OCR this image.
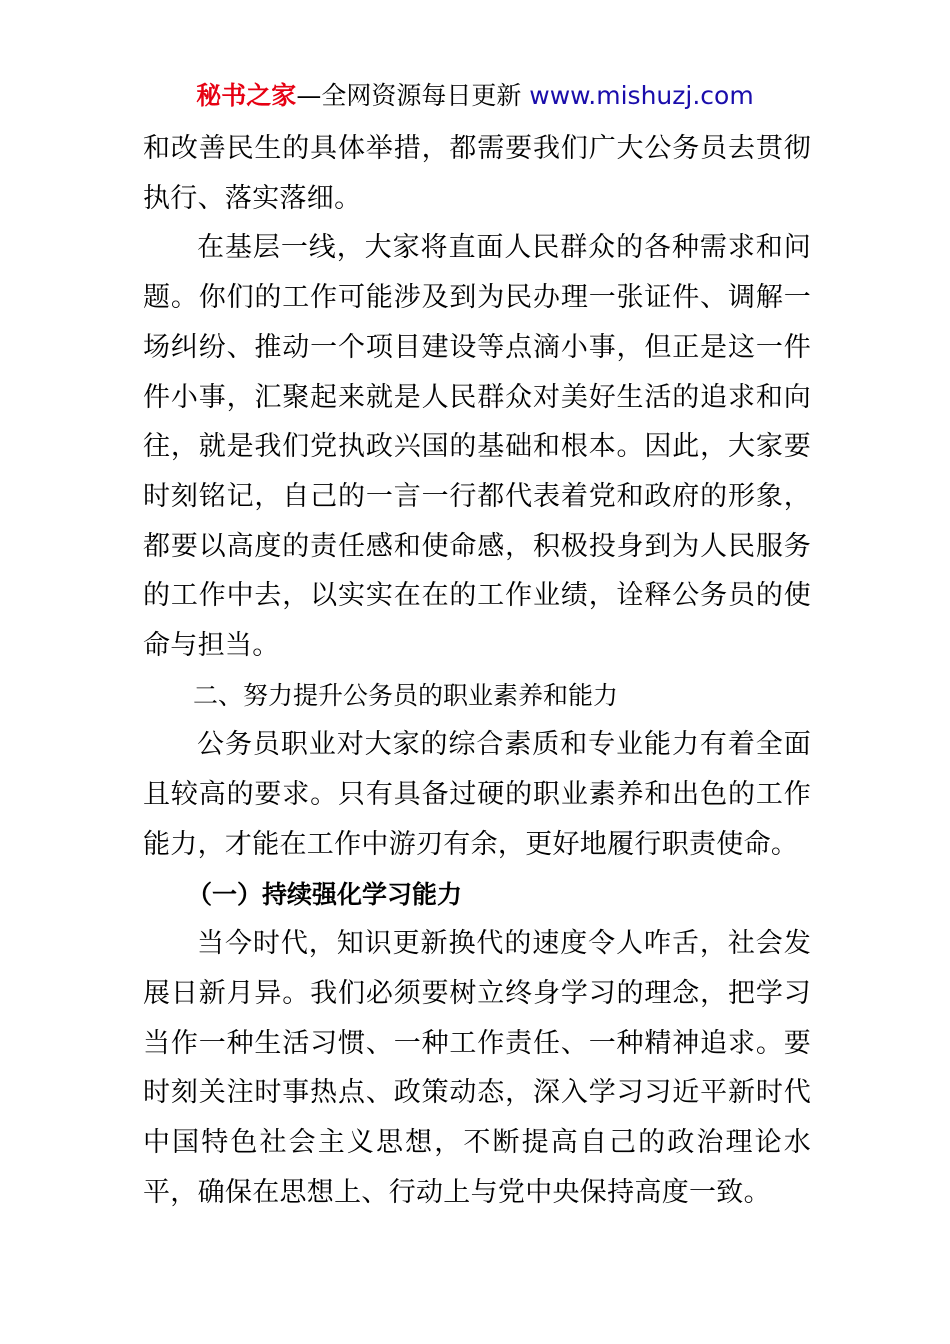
秘书之家—全网资源每日更新 www.mishuzj.com

和改善民生的具体举措，都需要我们广大公务员去贯彻执行、落实落细。

在基层一线，大家将直面人民群众的各种需求和问题。你们的工作可能涉及到为民办理一张证件、调解一场纠纷、推动一个项目建设等点滴小事，但正是这一件件小事，汇聚起来就是人民群众对美好生活的追求和向往，就是我们党执政兴国的基础和根本。因此，大家要时刻铭记，自己的一言一行都代表着党和政府的形象，都要以高度的责任感和使命感，积极投身到为人民服务的工作中去，以实实在在的工作业绩，诠释公务员的使命与担当。

二、努力提升公务员的职业素养和能力

公务员职业对大家的综合素质和专业能力有着全面且较高的要求。只有具备过硬的职业素养和出色的工作能力，才能在工作中游刃有余，更好地履行职责使命。

（一）持续强化学习能力

当今时代，知识更新换代的速度令人咋舌，社会发展日新月异。我们必须要树立终身学习的理念，把学习当作一种生活习惯、一种工作责任、一种精神追求。要时刻关注时事热点、政策动态，深入学习习近平新时代中国特色社会主义思想，不断提高自己的政治理论水平，确保在思想上、行动上与党中央保持高度一致。
